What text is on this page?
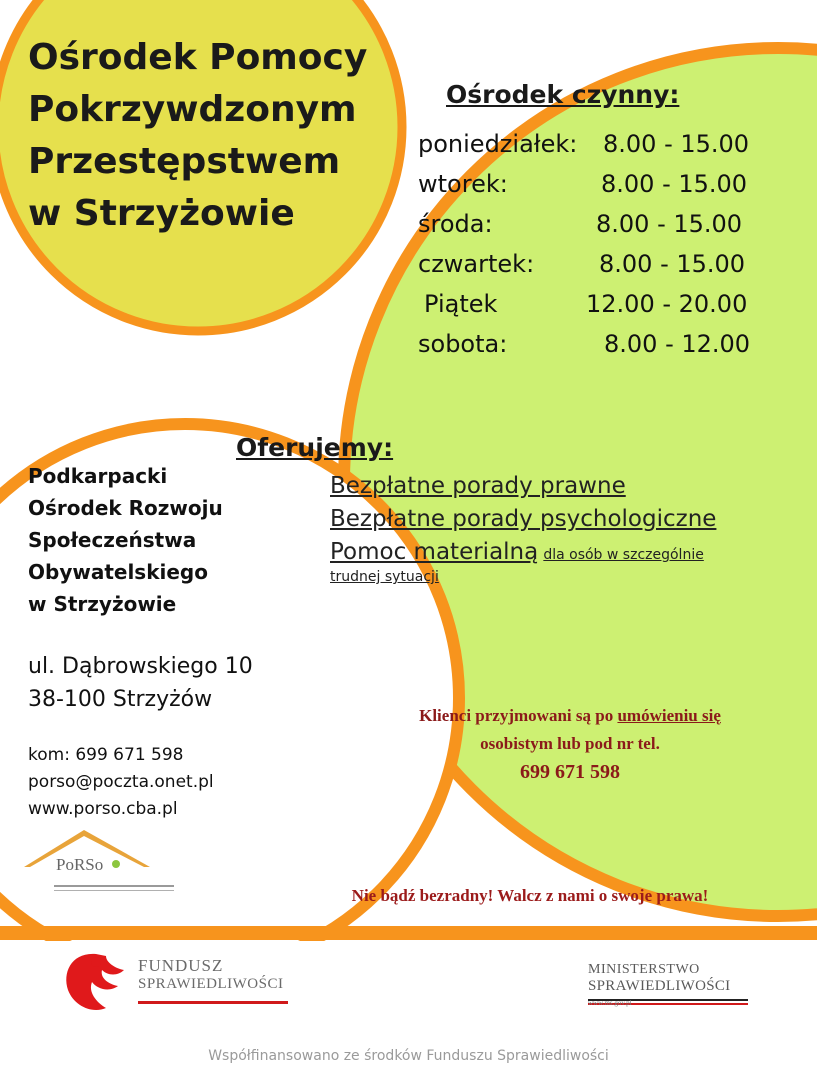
PoRSo
Ośrodek Pomocy
Pokrzywdzonym
Przestępstwem
w Strzyżowie
Ośrodek czynny:
poniedziałek: 8.00 - 15.00
wtorek:	8.00 - 15.00
środa:	8.00 - 15.00
czwartek:	8.00 - 15.00
Piątek	12.00 - 20.00
sobota:	8.00 - 12.00
Oferujemy:
Bezpłatne porady prawne
Bezpłatne porady psychologiczne
Pomoc materialną dla osób w szczególnie
trudnej sytuacji
Podkarpacki
Ośrodek Rozwoju
Społeczeństwa
Obywatelskiego
w Strzyżowie
ul. Dąbrowskiego 10
38-100 Strzyżów
kom: 699 671 598
porso@poczta.onet.pl
www.porso.cba.pl
Klienci przyjmowani są po umówieniu się
osobistym lub pod nr tel.
699 671 598
Nie bądź bezradny! Walcz z nami o swoje prawa!
FUNDUSZ
SPRAWIEDLIWOŚCI
MINISTERSTWO
SPRAWIEDLIWOŚCI
www.ms.gov.pl
Współfinansowano ze środków Funduszu Sprawiedliwości
